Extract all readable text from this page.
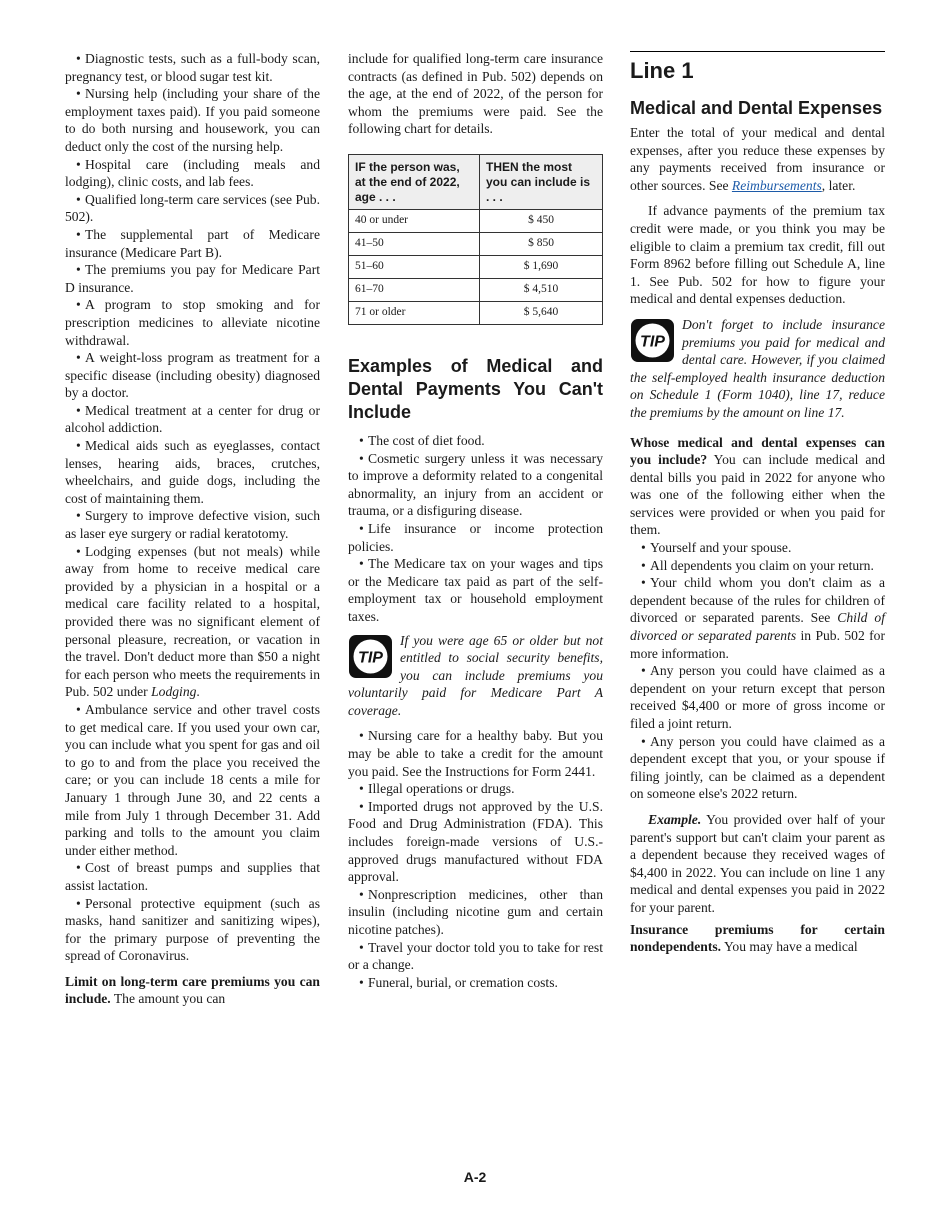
• Diagnostic tests, such as a full-body scan, pregnancy test, or blood sugar test kit.

• Nursing help (including your share of the employment taxes paid). If you paid someone to do both nursing and housework, you can deduct only the cost of the nursing help.

• Hospital care (including meals and lodging), clinic costs, and lab fees.

• Qualified long-term care services (see Pub. 502).

• The supplemental part of Medicare insurance (Medicare Part B).

• The premiums you pay for Medicare Part D insurance.

• A program to stop smoking and for prescription medicines to alleviate nicotine withdrawal.

• A weight-loss program as treatment for a specific disease (including obesity) diagnosed by a doctor.

• Medical treatment at a center for drug or alcohol addiction.

• Medical aids such as eyeglasses, contact lenses, hearing aids, braces, crutches, wheelchairs, and guide dogs, including the cost of maintaining them.

• Surgery to improve defective vision, such as laser eye surgery or radial keratotomy.

• Lodging expenses (but not meals) while away from home to receive medical care provided by a physician in a hospital or a medical care facility related to a hospital, provided there was no significant element of personal pleasure, recreation, or vacation in the travel. Don't deduct more than $50 a night for each person who meets the requirements in Pub. 502 under Lodging.

• Ambulance service and other travel costs to get medical care. If you used your own car, you can include what you spent for gas and oil to go to and from the place you received the care; or you can include 18 cents a mile for January 1 through June 30, and 22 cents a mile from July 1 through December 31. Add parking and tolls to the amount you claim under either method.

• Cost of breast pumps and supplies that assist lactation.

• Personal protective equipment (such as masks, hand sanitizer and sanitizing wipes), for the primary purpose of preventing the spread of Coronavirus.

Limit on long-term care premiums you can include. The amount you can

include for qualified long-term care insurance contracts (as defined in Pub. 502) depends on the age, at the end of 2022, of the person for whom the premiums were paid. See the following chart for details.

IF the person was, at the end of 2022, age . . .	THEN the most you can include is . . .
40 or under	$ 450
41–50	$ 850
51–60	$ 1,690
61–70	$ 4,510
71 or older	$ 5,640
Examples of Medical and Dental Payments You Can't Include

• The cost of diet food.

• Cosmetic surgery unless it was necessary to improve a deformity related to a congenital abnormality, an injury from an accident or trauma, or a disfiguring disease.

• Life insurance or income protection policies.

• The Medicare tax on your wages and tips or the Medicare tax paid as part of the self-employment tax or household employment taxes.

TIP
If you were age 65 or older but not entitled to social security benefits, you can include premiums you voluntarily paid for Medicare Part A coverage.

• Nursing care for a healthy baby. But you may be able to take a credit for the amount you paid. See the Instructions for Form 2441.

• Illegal operations or drugs.

• Imported drugs not approved by the U.S. Food and Drug Administration (FDA). This includes foreign-made versions of U.S.-approved drugs manufactured without FDA approval.

• Nonprescription medicines, other than insulin (including nicotine gum and certain nicotine patches).

• Travel your doctor told you to take for rest or a change.

• Funeral, burial, or cremation costs.

Line 1
Medical and Dental Expenses

Enter the total of your medical and dental expenses, after you reduce these expenses by any payments received from insurance or other sources. See Reimbursements, later.

If advance payments of the premium tax credit were made, or you think you may be eligible to claim a premium tax credit, fill out Form 8962 before filling out Schedule A, line 1. See Pub. 502 for how to figure your medical and dental expenses deduction.

TIP
Don't forget to include insurance premiums you paid for medical and dental care. However, if you claimed the self-employed health insurance deduction on Schedule 1 (Form 1040), line 17, reduce the premiums by the amount on line 17.

Whose medical and dental expenses can you include? You can include medical and dental bills you paid in 2022 for anyone who was one of the following either when the services were provided or when you paid for them.

• Yourself and your spouse.

• All dependents you claim on your return.

• Your child whom you don't claim as a dependent because of the rules for children of divorced or separated parents. See Child of divorced or separated parents in Pub. 502 for more information.

• Any person you could have claimed as a dependent on your return except that person received $4,400 or more of gross income or filed a joint return.

• Any person you could have claimed as a dependent except that you, or your spouse if filing jointly, can be claimed as a dependent on someone else's 2022 return.

Example. You provided over half of your parent's support but can't claim your parent as a dependent because they received wages of $4,400 in 2022. You can include on line 1 any medical and dental expenses you paid in 2022 for your parent.

Insurance premiums for certain nondependents. You may have a medical

A-2
